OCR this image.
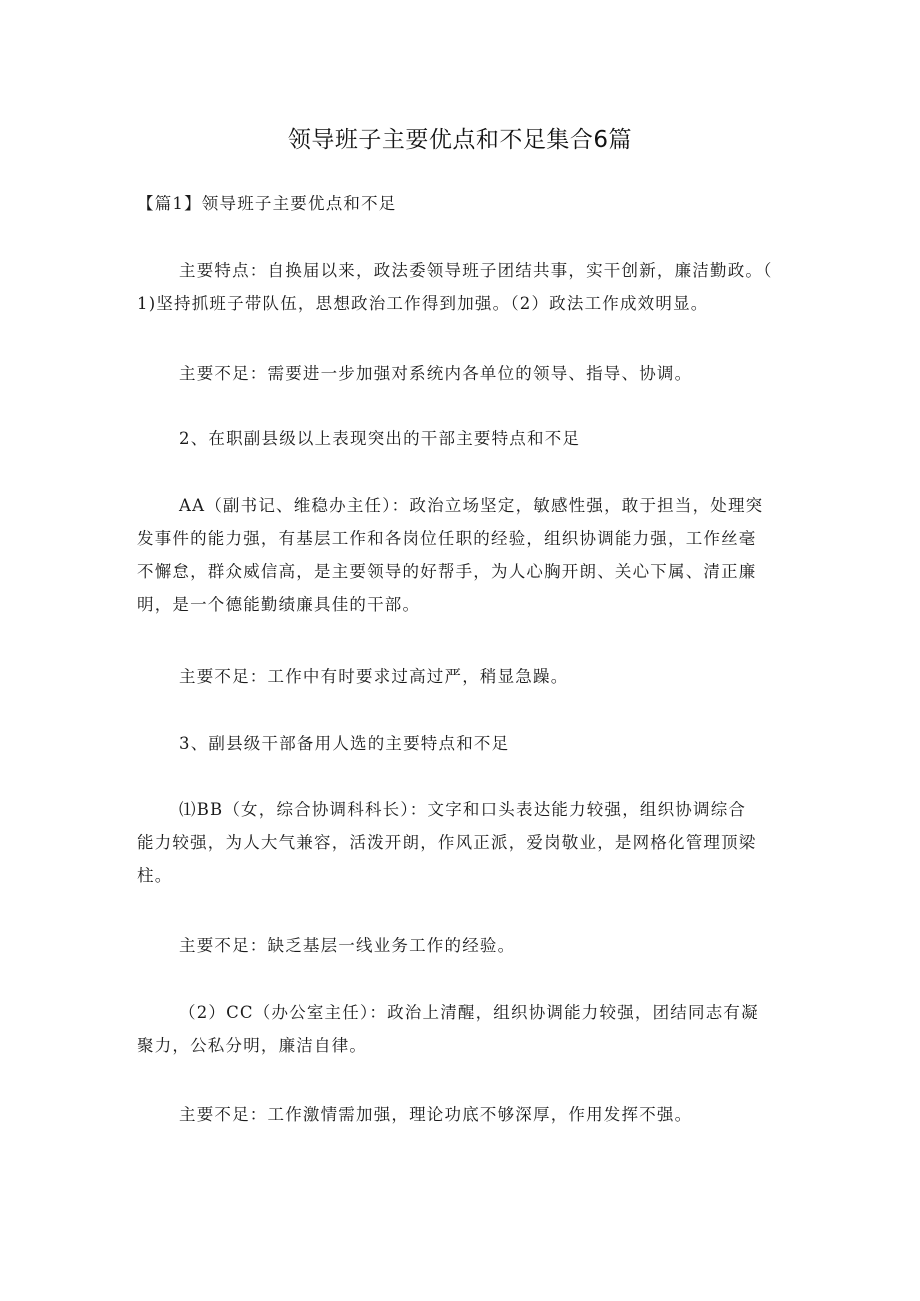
领导班子主要优点和不足集合6篇

【篇1】领导班子主要优点和不足

主要特点：自换届以来，政法委领导班子团结共事，实干创新，廉洁勤政。（
1)坚持抓班子带队伍，思想政治工作得到加强。（2）政法工作成效明显。

主要不足：需要进一步加强对系统内各单位的领导、指导、协调。

2、在职副县级以上表现突出的干部主要特点和不足

AA（副书记、维稳办主任）：政治立场坚定，敏感性强，敢于担当，处理突
发事件的能力强，有基层工作和各岗位任职的经验，组织协调能力强，工作丝毫
不懈怠，群众威信高，是主要领导的好帮手，为人心胸开朗、关心下属、清正廉
明，是一个德能勤绩廉具佳的干部。

主要不足：工作中有时要求过高过严，稍显急躁。

3、副县级干部备用人选的主要特点和不足

⑴BB（女，综合协调科科长）：文字和口头表达能力较强，组织协调综合
能力较强，为人大气兼容，活泼开朗，作风正派，爱岗敬业，是网格化管理顶梁
柱。

主要不足：缺乏基层一线业务工作的经验。

（2）CC（办公室主任）：政治上清醒，组织协调能力较强，团结同志有凝
聚力，公私分明，廉洁自律。

主要不足：工作激情需加强，理论功底不够深厚，作用发挥不强。
